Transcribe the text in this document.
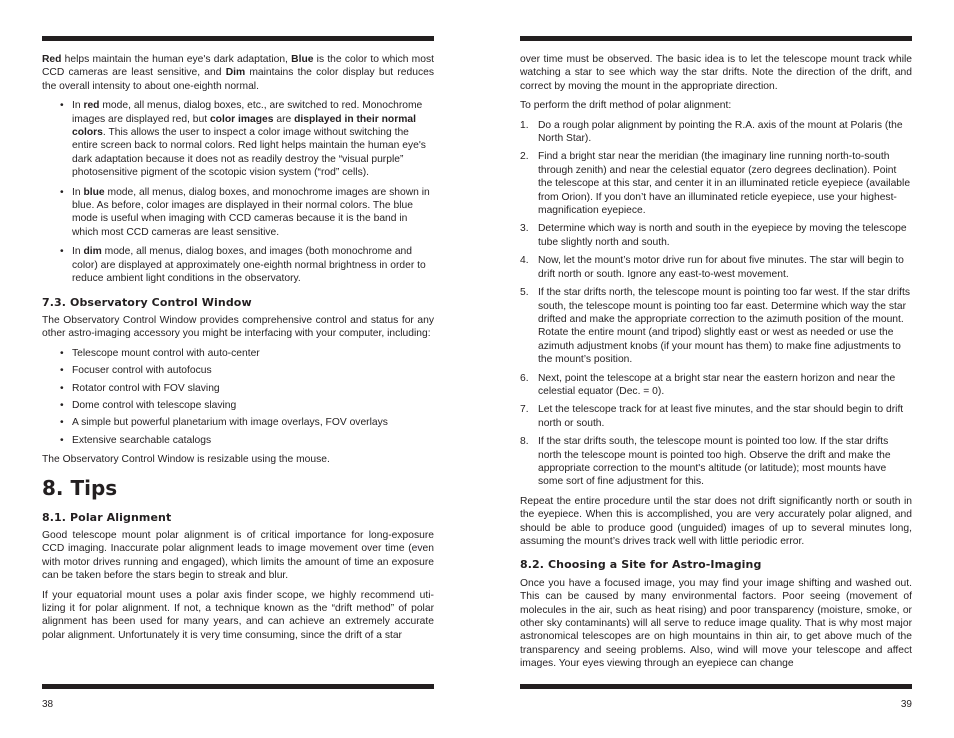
Red helps maintain the human eye's dark adaptation, Blue is the color to which most CCD cameras are least sensitive, and Dim maintains the color display but reduces the overall intensity to about one-eighth normal.

• In red mode, all menus, dialog boxes, etc., are switched to red. Monochrome images are displayed red, but color images are displayed in their normal colors. This allows the user to inspect a color image without switching the entire screen back to normal colors. Red light helps maintain the human eye's dark adaptation because it does not as readily destroy the “visual purple” photosensitive pigment of the scotopic vision system (“rod” cells).
• In blue mode, all menus, dialog boxes, and monochrome images are shown in blue. As before, color images are displayed in their normal colors. The blue mode is useful when imaging with CCD cameras because it is the band in which most CCD cameras are least sensitive.
• In dim mode, all menus, dialog boxes, and images (both monochrome and color) are displayed at approximately one-eighth normal brightness in order to reduce ambient light conditions in the observatory.
7.3. Observatory Control Window

The Observatory Control Window provides comprehensive control and status for any other astro-imaging accessory you might be interfacing with your computer, including:

• Telescope mount control with auto-center
• Focuser control with autofocus
• Rotator control with FOV slaving
• Dome control with telescope slaving
• A simple but powerful planetarium with image overlays, FOV overlays
• Extensive searchable catalogs

The Observatory Control Window is resizable using the mouse.

8. Tips
8.1. Polar Alignment

Good telescope mount polar alignment is of critical importance for long-exposure CCD imaging. Inaccurate polar alignment leads to image movement over time (even with motor drives running and engaged), which limits the amount of time an exposure can be taken before the stars begin to streak and blur.

If your equatorial mount uses a polar axis finder scope, we highly recommend uti-lizing it for polar alignment. If not, a technique known as the “drift method” of polar alignment has been used for many years, and can achieve an extremely accurate polar alignment. Unfortunately it is very time consuming, since the drift of a star

38

over time must be observed. The basic idea is to let the telescope mount track while watching a star to see which way the star drifts. Note the direction of the drift, and correct by moving the mount in the appropriate direction.

To perform the drift method of polar alignment:

1. Do a rough polar alignment by pointing the R.A. axis of the mount at Polaris (the North Star).
2. Find a bright star near the meridian (the imaginary line running north-to-south through zenith) and near the celestial equator (zero degrees declination). Point the telescope at this star, and center it in an illuminated reticle eyepiece (available from Orion). If you don’t have an illuminated reticle eyepiece, use your highest- magnification eyepiece.
3. Determine which way is north and south in the eyepiece by moving the telescope tube slightly north and south.
4. Now, let the mount’s motor drive run for about five minutes. The star will begin to drift north or south. Ignore any east-to-west movement.
5. If the star drifts north, the telescope mount is pointing too far west. If the star drifts south, the telescope mount is pointing too far east. Determine which way the star drifted and make the appropriate correction to the azimuth position of the mount. Rotate the entire mount (and tripod) slightly east or west as needed or use the azimuth adjustment knobs (if your mount has them) to make fine adjustments to the mount’s position.
6. Next, point the telescope at a bright star near the eastern horizon and near the celestial equator (Dec. = 0).
7. Let the telescope track for at least five minutes, and the star should begin to drift north or south.
8. If the star drifts south, the telescope mount is pointed too low. If the star drifts north the telescope mount is pointed too high. Observe the drift and make the appropriate correction to the mount's altitude (or latitude); most mounts have some sort of fine adjustment for this.

Repeat the entire procedure until the star does not drift significantly north or south in the eyepiece. When this is accomplished, you are very accurately polar aligned, and should be able to produce good (unguided) images of up to several minutes long, assuming the mount’s drives track well with little periodic error.

8.2. Choosing a Site for Astro-Imaging

Once you have a focused image, you may find your image shifting and washed out. This can be caused by many environmental factors. Poor seeing (movement of molecules in the air, such as heat rising) and poor transparency (moisture, smoke, or other sky contaminants) will all serve to reduce image quality. That is why most major astronomical telescopes are on high mountains in thin air, to get above much of the transparency and seeing problems. Also, wind will move your telescope and affect images. Your eyes viewing through an eyepiece can change

39
